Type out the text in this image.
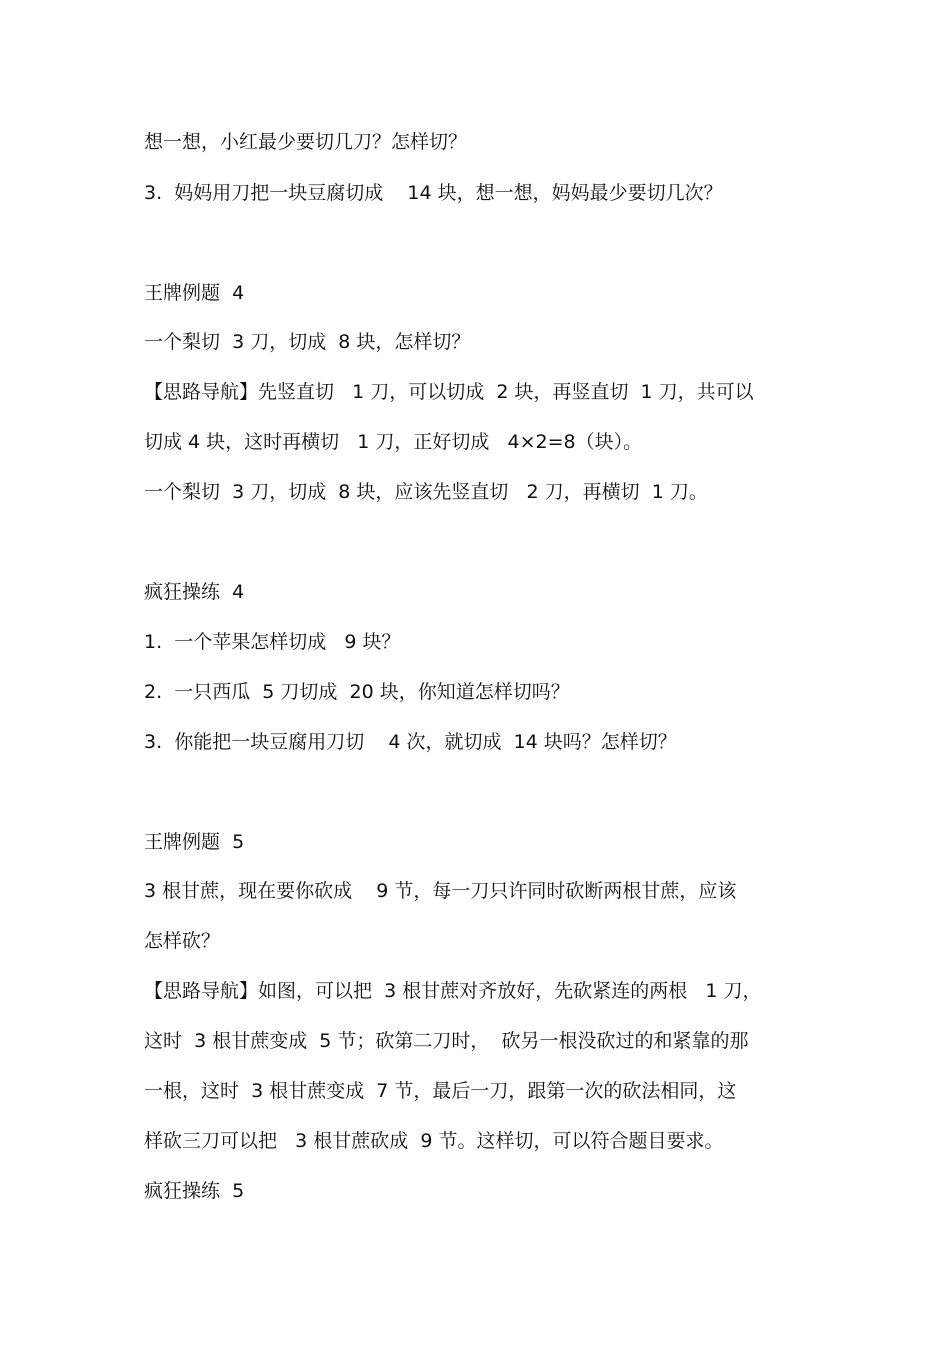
想一想，小红最少要切几刀？怎样切？
3.  妈妈用刀把一块豆腐切成    14 块，想一想，妈妈最少要切几次？
王牌例题  4
一个梨切  3 刀，切成  8 块，怎样切？
【思路导航】先竖直切   1 刀，可以切成  2 块，再竖直切  1 刀，共可以
切成 4 块，这时再横切   1 刀，正好切成   4×2=8（块）。
一个梨切  3 刀，切成  8 块，应该先竖直切   2 刀，再横切  1 刀。
疯狂操练  4
1.  一个苹果怎样切成   9 块？
2.  一只西瓜  5 刀切成  20 块，你知道怎样切吗？
3.  你能把一块豆腐用刀切    4 次，就切成  14 块吗？怎样切？
王牌例题  5
3 根甘蔗，现在要你砍成    9 节，每一刀只许同时砍断两根甘蔗，应该
怎样砍？
【思路导航】如图，可以把  3 根甘蔗对齐放好，先砍紧连的两根   1 刀，
这时  3 根甘蔗变成  5 节；砍第二刀时，  砍另一根没砍过的和紧靠的那
一根，这时  3 根甘蔗变成  7 节，最后一刀，跟第一次的砍法相同，这
样砍三刀可以把   3 根甘蔗砍成  9 节。这样切，可以符合题目要求。
疯狂操练  5
